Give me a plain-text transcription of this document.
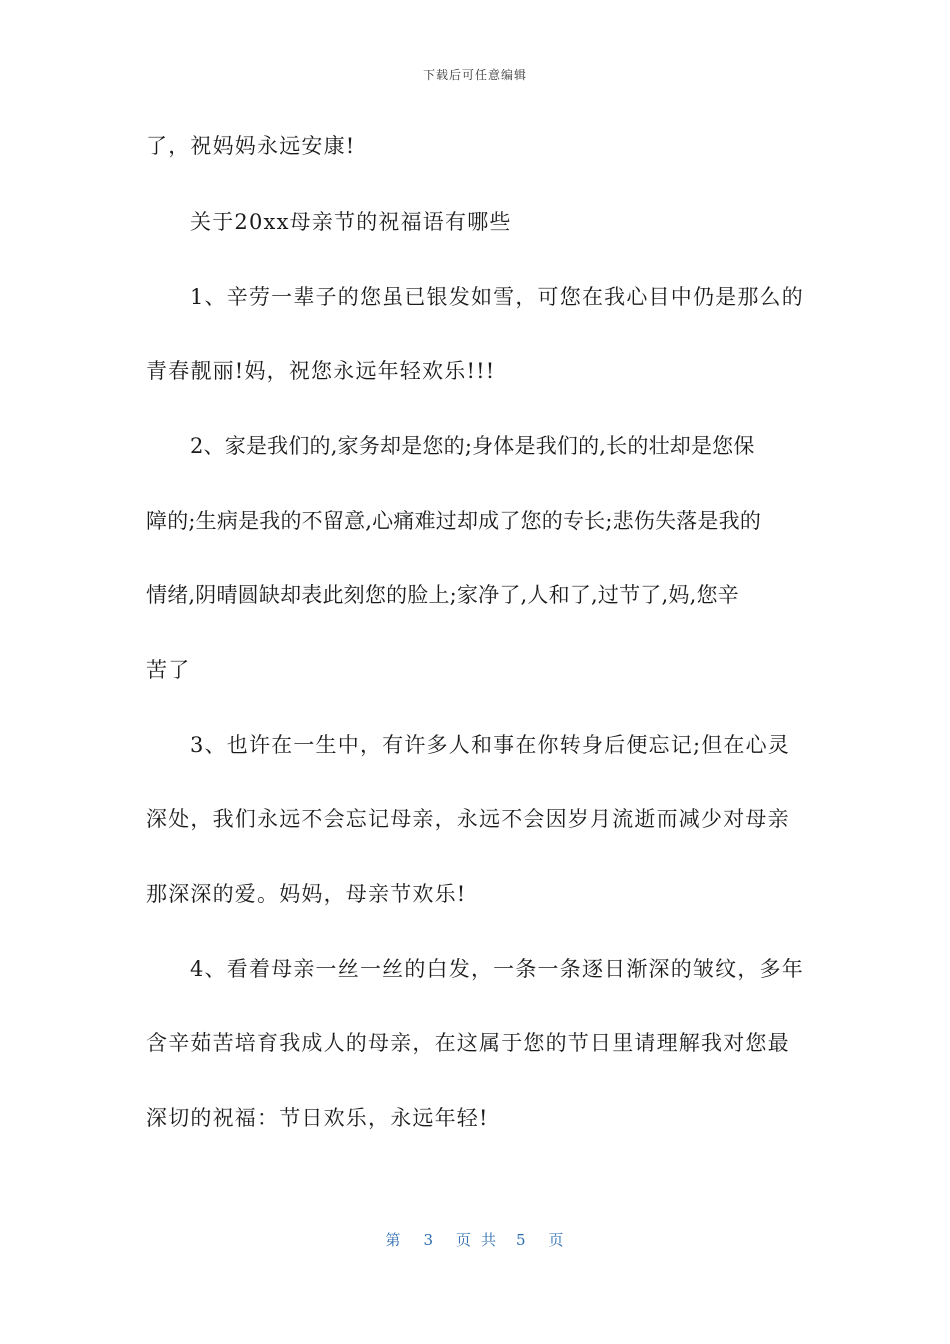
下载后可任意编辑
了，祝妈妈永远安康!
关于20xx母亲节的祝福语有哪些
1、辛劳一辈子的您虽已银发如雪，可您在我心目中仍是那么的
青春靓丽!妈，祝您永远年轻欢乐!!!
2、家是我们的,家务却是您的;身体是我们的,长的壮却是您保
障的;生病是我的不留意,心痛难过却成了您的专长;悲伤失落是我的
情绪,阴晴圆缺却表此刻您的脸上;家净了,人和了,过节了,妈,您辛
苦了
3、也许在一生中，有许多人和事在你转身后便忘记;但在心灵
深处，我们永远不会忘记母亲，永远不会因岁月流逝而减少对母亲
那深深的爱。妈妈，母亲节欢乐!
4、看着母亲一丝一丝的白发，一条一条逐日渐深的皱纹，多年
含辛茹苦培育我成人的母亲，在这属于您的节日里请理解我对您最
深切的祝福：节日欢乐，永远年轻!
第 3 页共 5 页
